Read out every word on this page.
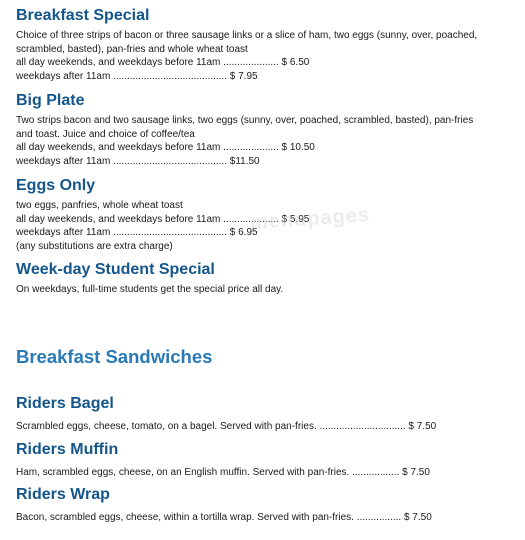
Breakfast Special

Choice of three strips of bacon or three sausage links or a slice of ham, two eggs (sunny, over, poached,

scrambled, basted), pan-fries and whole wheat toast

all day weekends, and weekdays before 11am .................... $ 6.50

weekdays after 11am ......................................... $ 7.95

Big Plate

Two strips bacon and two sausage links, two eggs (sunny, over, poached, scrambled, basted), pan-fries

and toast. Juice and choice of coffee/tea

all day weekends, and weekdays before 11am .................... $ 10.50

weekdays after 11am ......................................... $11.50

Eggs Only

two eggs, panfries, whole wheat toast

all day weekends, and weekdays before 11am .................... $ 5.95

weekdays after 11am ......................................... $ 6.95

(any substitutions are extra charge)

Week-day Student Special

On weekdays, full-time students get the special price all day.

Breakfast Sandwiches
Riders Bagel

Scrambled eggs, cheese, tomato, on a bagel. Served with pan-fries. ............................... $ 7.50

Riders Muffin

Ham, scrambled eggs, cheese, on an English muffin. Served with pan-fries. ................. $ 7.50

Riders Wrap

Bacon, scrambled eggs, cheese, within a tortilla wrap. Served with pan-fries. ................ $ 7.50

menupages
